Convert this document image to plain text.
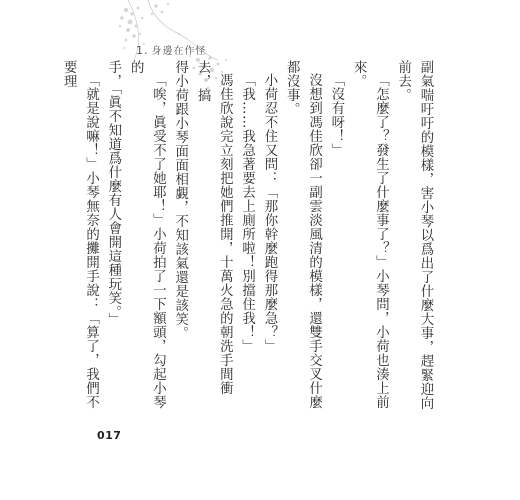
1. 身邊在作怪

副氣喘吁吁的模樣，害小琴以爲出了什麼大事，趕緊迎向前去。

「怎麼了？發生了什麼事了？」小琴問，小荷也湊上前來。

「沒有呀！」

沒想到馮佳欣卻一副雲淡風清的模樣，還雙手交叉什麼都沒事。

小荷忍不住又問：「那你幹麼跑得那麼急？」

「我……我急著要去上廁所啦！別擋住我！」

馮佳欣說完立刻把她們推開，十萬火急的朝洗手間衝去，搞

得小荷跟小琴面面相覷，不知該氣還是該笑。

「唉，眞受不了她耶！」小荷拍了一下額頭，勾起小琴的

手，「眞不知道爲什麼有人會開這種玩笑。」

「就是說嘛！」小琴無奈的攤開手說：「算了，我們不要理

017
